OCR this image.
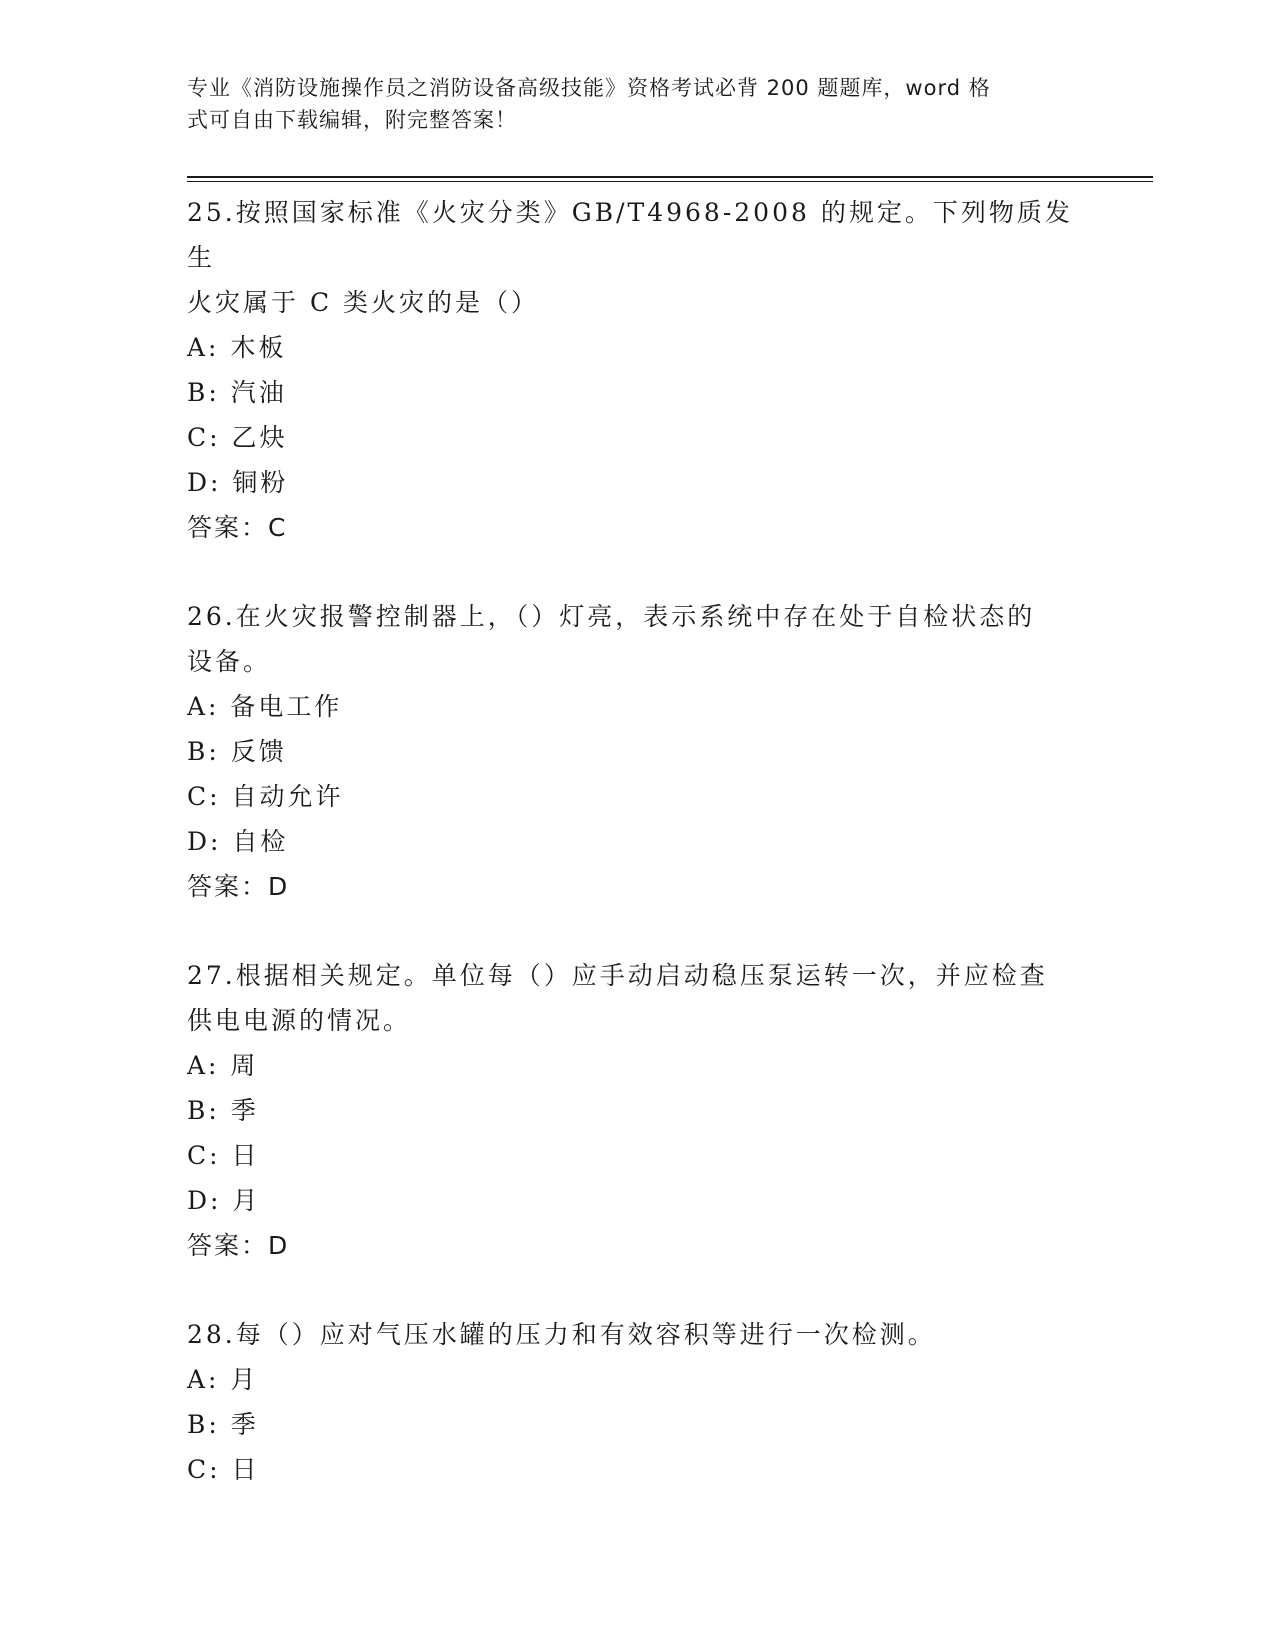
专业《消防设施操作员之消防设备高级技能》资格考试必背 200 题题库，word 格
式可自由下载编辑，附完整答案！
25.按照国家标准《火灾分类》GB/T4968-2008 的规定。下列物质发生
火灾属于 C 类火灾的是（）
A: 木板
B: 汽油
C: 乙炔
D: 铜粉
答案：C
26.在火灾报警控制器上，（）灯亮，表示系统中存在处于自检状态的
设备。
A: 备电工作
B: 反馈
C: 自动允许
D: 自检
答案：D
27.根据相关规定。单位每（）应手动启动稳压泵运转一次，并应检查
供电电源的情况。
A: 周
B: 季
C: 日
D: 月
答案：D
28.每（）应对气压水罐的压力和有效容积等进行一次检测。
A: 月
B: 季
C: 日
